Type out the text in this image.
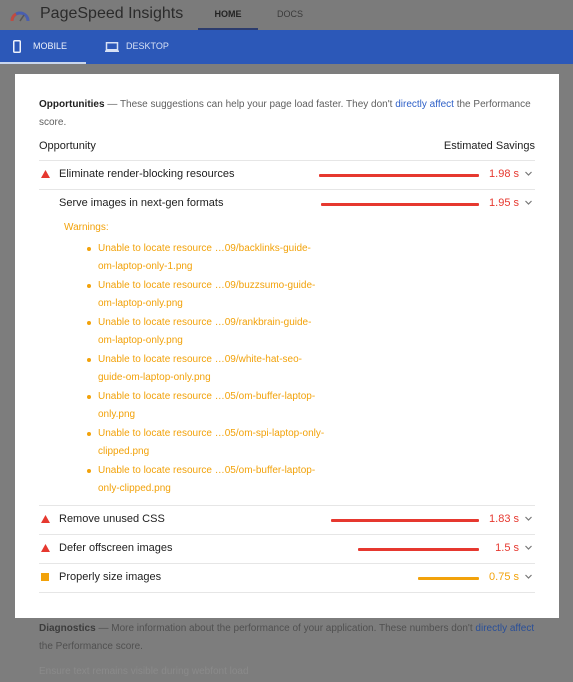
PageSpeed Insights	HOME	DOCS
MOBILE	DESKTOP
Opportunities — These suggestions can help your page load faster. They don't directly affect the Performance score.
Opportunity	Estimated Savings
Eliminate render-blocking resources	1.98 s
Serve images in next-gen formats	1.95 s
Warnings:
Unable to locate resource …09/backlinks-guide-om-laptop-only-1.png
Unable to locate resource …09/buzzsumo-guide-om-laptop-only.png
Unable to locate resource …09/rankbrain-guide-om-laptop-only.png
Unable to locate resource …09/white-hat-seo-guide-om-laptop-only.png
Unable to locate resource …05/om-buffer-laptop-only.png
Unable to locate resource …05/om-spi-laptop-only-clipped.png
Unable to locate resource …05/om-buffer-laptop-only-clipped.png
Remove unused CSS	1.83 s
Defer offscreen images	1.5 s
Properly size images	0.75 s
Diagnostics — More information about the performance of your application. These numbers don't directly affect the Performance score.
Ensure text remains visible during webfont load
